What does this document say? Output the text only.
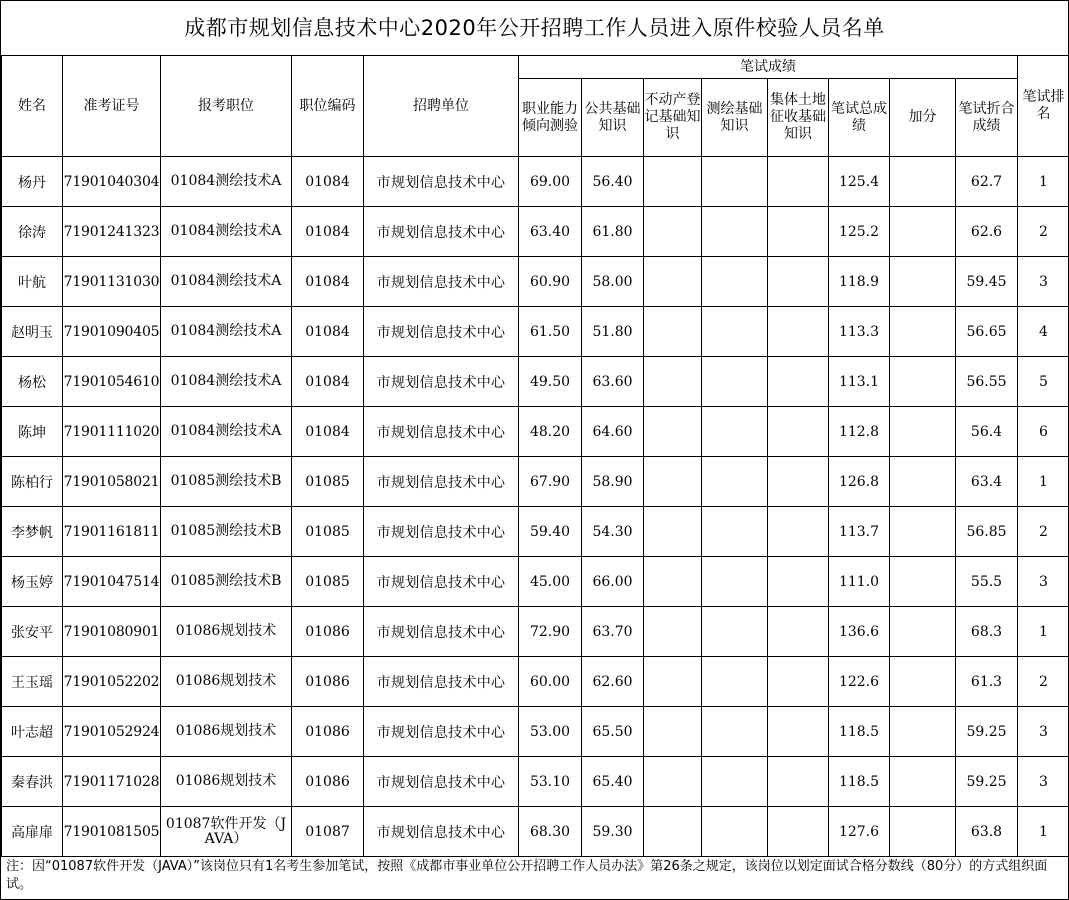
成都市规划信息技术中心2020年公开招聘工作人员进入原件校验人员名单
姓名	准考证号	报考职位	职位编码	招聘单位	笔试成绩								笔试排名
					职业能力倾向测验	公共基础知识	不动产登记基础知识	测绘基础知识	集体土地征收基础知识	笔试总成绩	加分	笔试折合成绩	
杨丹	71901040304	01084测绘技术A	01084	市规划信息技术中心	69.00	56.40				125.4		62.7	1
徐涛	71901241323	01084测绘技术A	01084	市规划信息技术中心	63.40	61.80				125.2		62.6	2
叶航	71901131030	01084测绘技术A	01084	市规划信息技术中心	60.90	58.00				118.9		59.45	3
赵明玉	71901090405	01084测绘技术A	01084	市规划信息技术中心	61.50	51.80				113.3		56.65	4
杨松	71901054610	01084测绘技术A	01084	市规划信息技术中心	49.50	63.60				113.1		56.55	5
陈坤	71901111020	01084测绘技术A	01084	市规划信息技术中心	48.20	64.60				112.8		56.4	6
陈柏行	71901058021	01085测绘技术B	01085	市规划信息技术中心	67.90	58.90				126.8		63.4	1
李梦帆	71901161811	01085测绘技术B	01085	市规划信息技术中心	59.40	54.30				113.7		56.85	2
杨玉婷	71901047514	01085测绘技术B	01085	市规划信息技术中心	45.00	66.00				111.0		55.5	3
张安平	71901080901	01086规划技术	01086	市规划信息技术中心	72.90	63.70				136.6		68.3	1
王玉瑶	71901052202	01086规划技术	01086	市规划信息技术中心	60.00	62.60				122.6		61.3	2
叶志超	71901052924	01086规划技术	01086	市规划信息技术中心	53.00	65.50				118.5		59.25	3
秦春洪	71901171028	01086规划技术	01086	市规划信息技术中心	53.10	65.40				118.5		59.25	3
高扉扉	71901081505	01087软件开发（JAVA）	01087	市规划信息技术中心	68.30	59.30				127.6		63.8	1
注：因“01087软件开发（JAVA）”该岗位只有1名考生参加笔试，按照《成都市事业单位公开招聘工作人员办法》第26条之规定，该岗位以划定面试合格分数线（80分）的方式组织面试。
